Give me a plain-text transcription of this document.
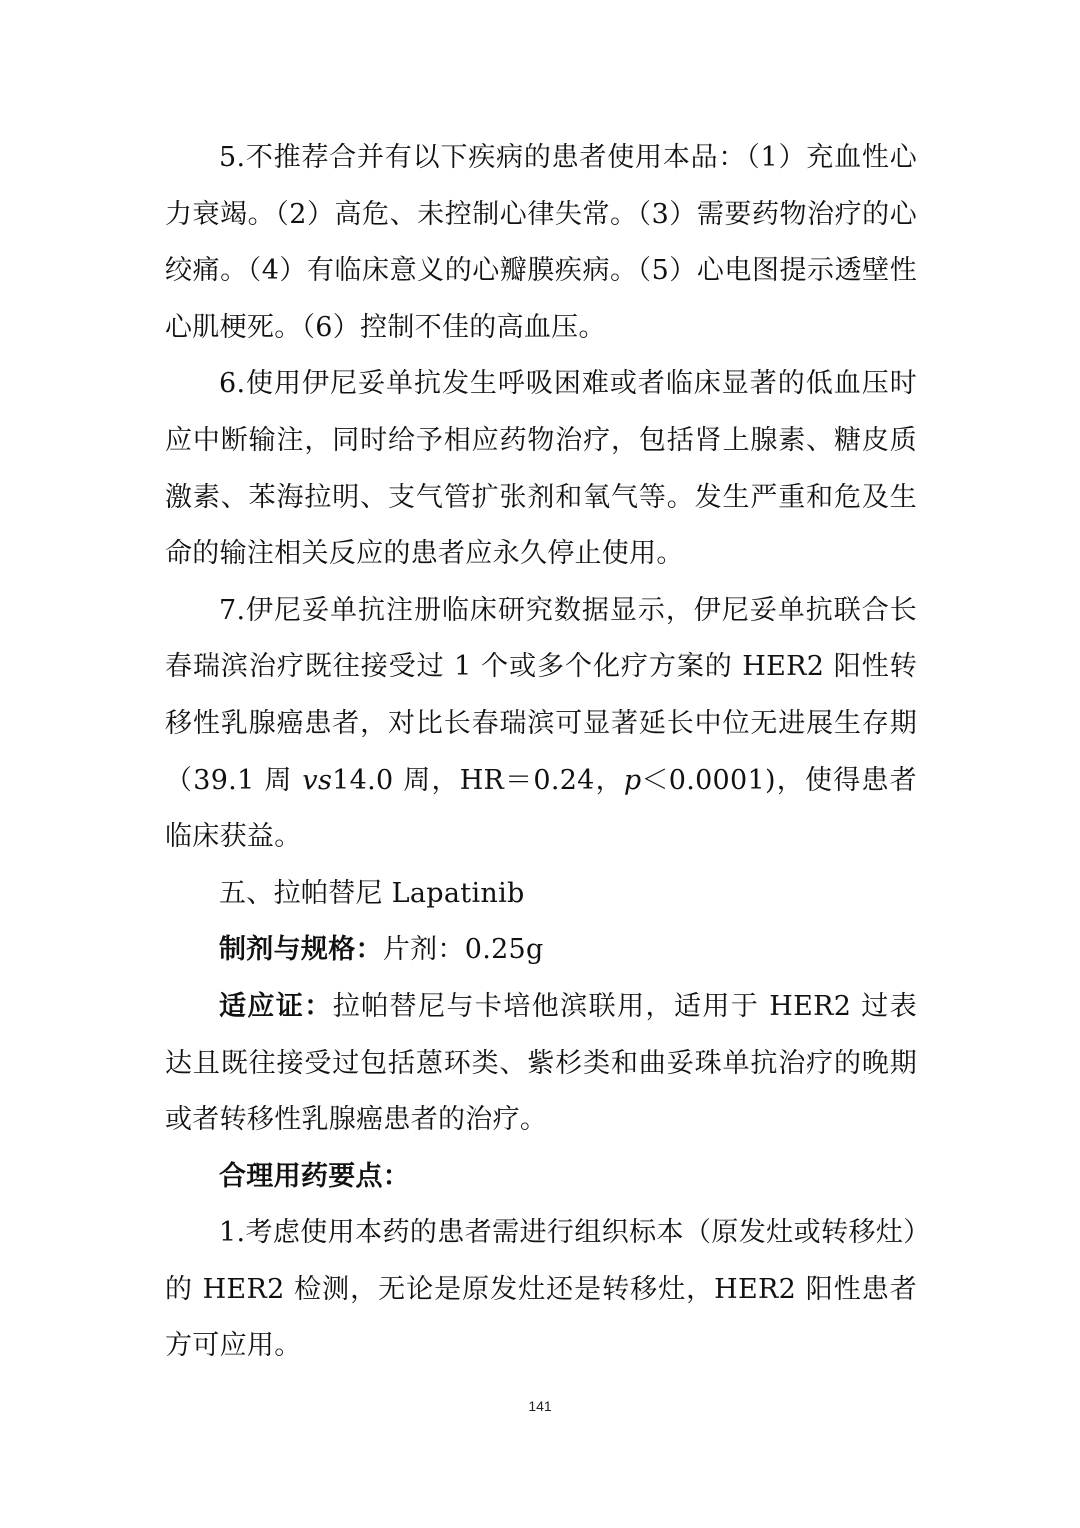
5.不推荐合并有以下疾病的患者使用本品：（1）充血性心力衰竭。（2）高危、未控制心律失常。（3）需要药物治疗的心绞痛。（4）有临床意义的心瓣膜疾病。（5）心电图提示透壁性心肌梗死。（6）控制不佳的高血压。

6.使用伊尼妥单抗发生呼吸困难或者临床显著的低血压时应中断输注，同时给予相应药物治疗，包括肾上腺素、糖皮质激素、苯海拉明、支气管扩张剂和氧气等。发生严重和危及生命的输注相关反应的患者应永久停止使用。

7.伊尼妥单抗注册临床研究数据显示，伊尼妥单抗联合长春瑞滨治疗既往接受过 1 个或多个化疗方案的 HER2 阳性转移性乳腺癌患者，对比长春瑞滨可显著延长中位无进展生存期（39.1 周 vs14.0 周，HR＝0.24，p＜0.0001)，使得患者临床获益。

五、拉帕替尼 Lapatinib

制剂与规格：片剂：0.25g

适应证：拉帕替尼与卡培他滨联用，适用于 HER2 过表达且既往接受过包括蒽环类、紫杉类和曲妥珠单抗治疗的晚期或者转移性乳腺癌患者的治疗。

合理用药要点：

1.考虑使用本药的患者需进行组织标本（原发灶或转移灶）的 HER2 检测，无论是原发灶还是转移灶，HER2 阳性患者方可应用。

141
